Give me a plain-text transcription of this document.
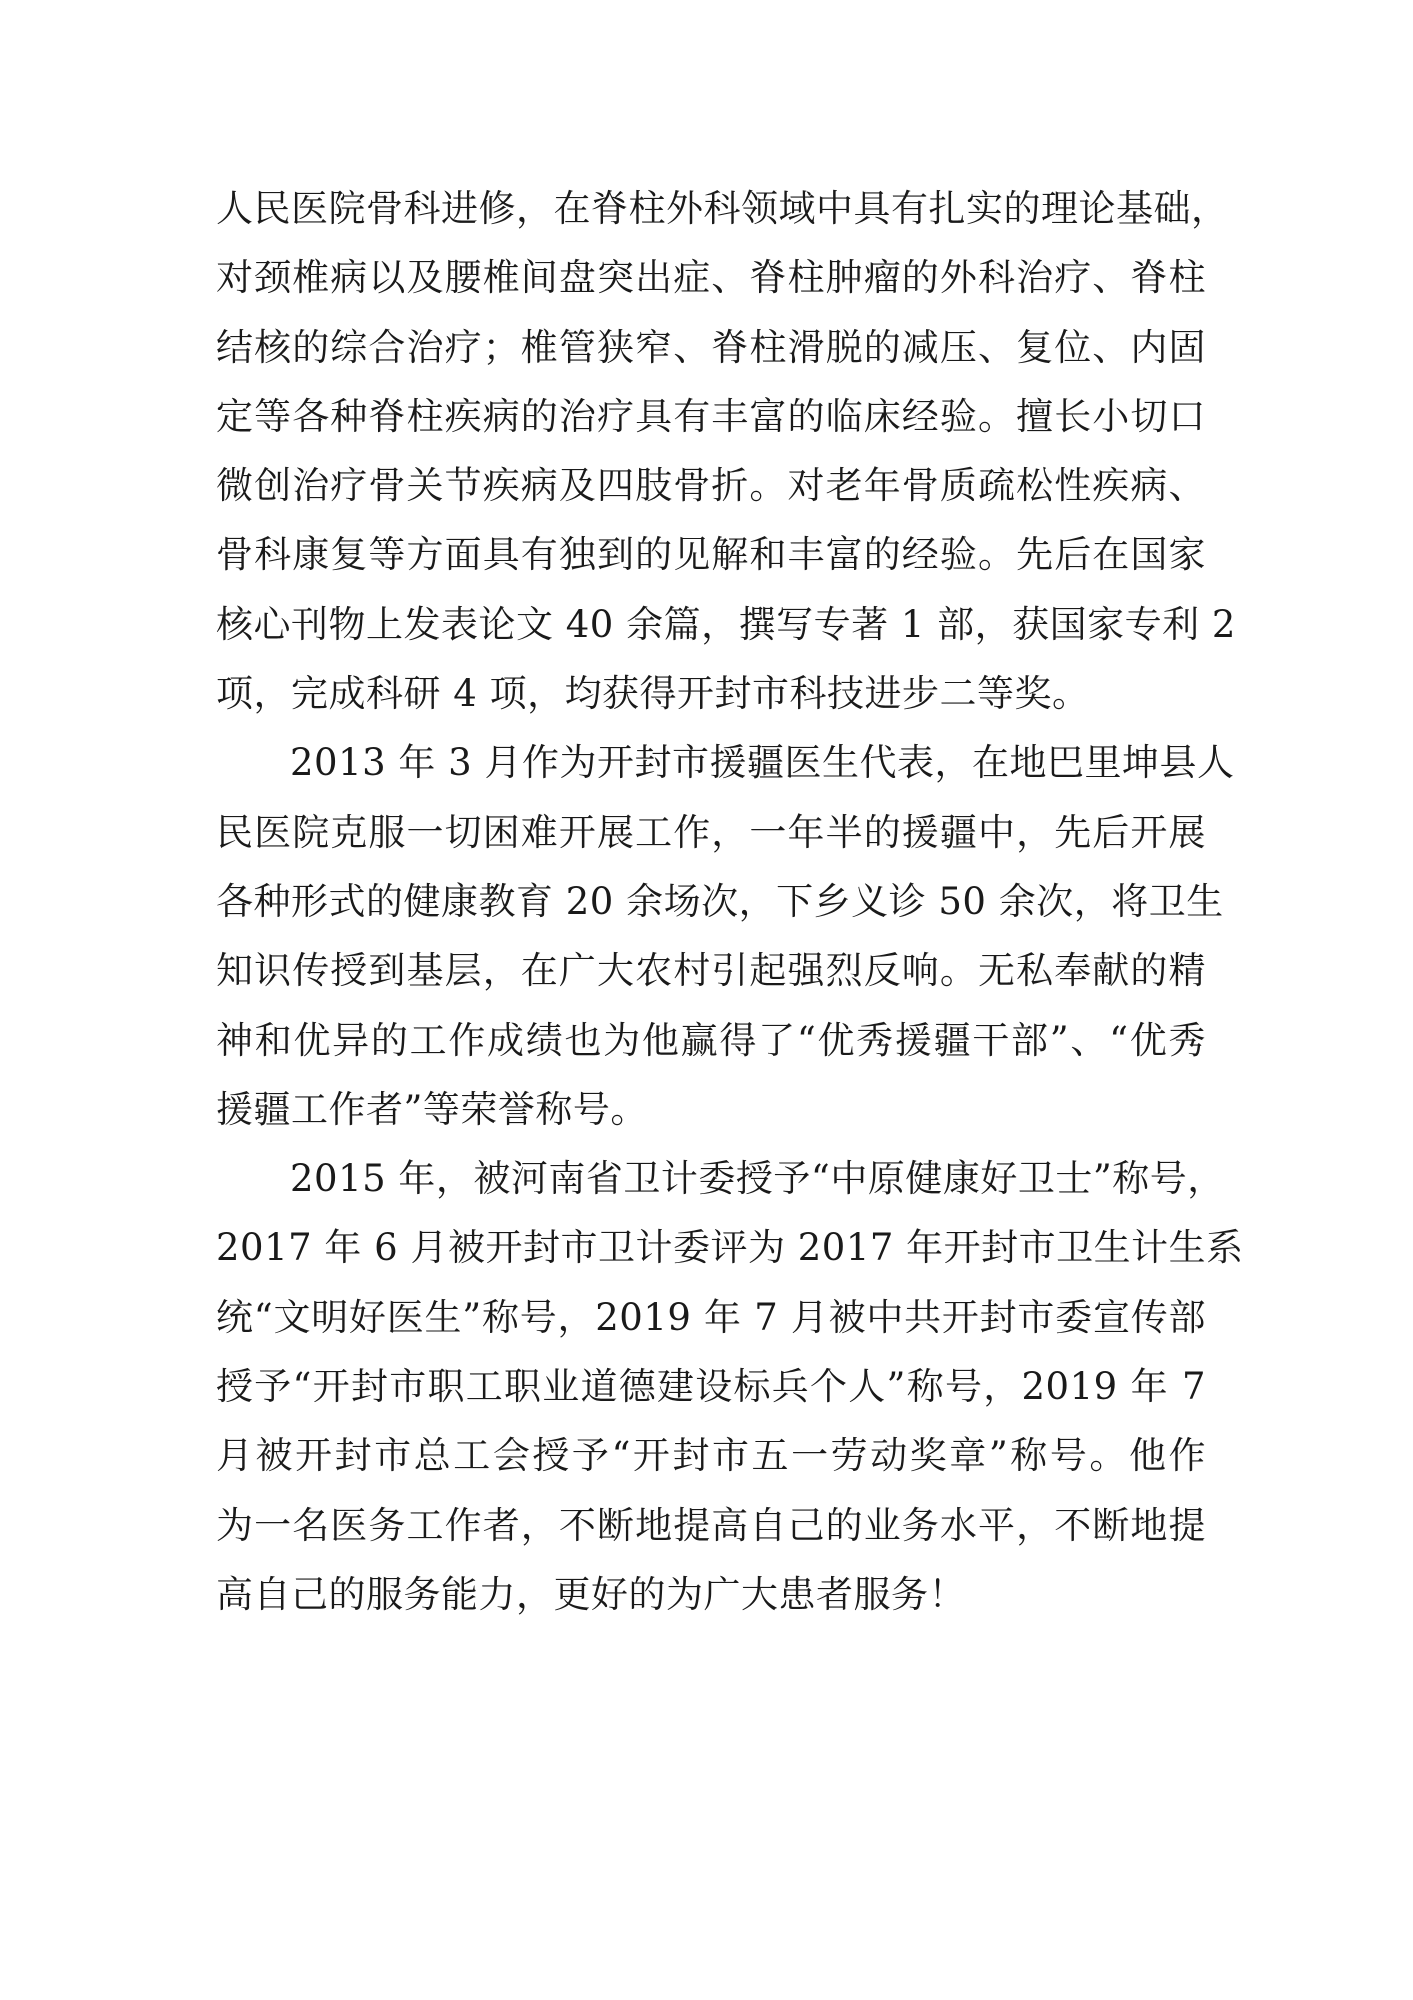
人民医院骨科进修，在脊柱外科领域中具有扎实的理论基础，
对颈椎病以及腰椎间盘突出症、脊柱肿瘤的外科治疗、脊柱
结核的综合治疗；椎管狭窄、脊柱滑脱的减压、复位、内固
定等各种脊柱疾病的治疗具有丰富的临床经验。擅长小切口
微创治疗骨关节疾病及四肢骨折。对老年骨质疏松性疾病、
骨科康复等方面具有独到的见解和丰富的经验。先后在国家
核心刊物上发表论文 40 余篇，撰写专著 1 部，获国家专利 2
项，完成科研 4 项，均获得开封市科技进步二等奖。
2013 年 3 月作为开封市援疆医生代表，在地巴里坤县人
民医院克服一切困难开展工作，一年半的援疆中，先后开展
各种形式的健康教育 20 余场次，下乡义诊 50 余次，将卫生
知识传授到基层，在广大农村引起强烈反响。无私奉献的精
神和优异的工作成绩也为他赢得了“优秀援疆干部”、“优秀
援疆工作者”等荣誉称号。
2015 年，被河南省卫计委授予“中原健康好卫士”称号，
2017 年 6 月被开封市卫计委评为 2017 年开封市卫生计生系
统“文明好医生”称号，2019 年 7 月被中共开封市委宣传部
授予“开封市职工职业道德建设标兵个人”称号，2019 年 7
月被开封市总工会授予“开封市五一劳动奖章”称号。他作
为一名医务工作者，不断地提高自己的业务水平，不断地提
高自己的服务能力，更好的为广大患者服务！
